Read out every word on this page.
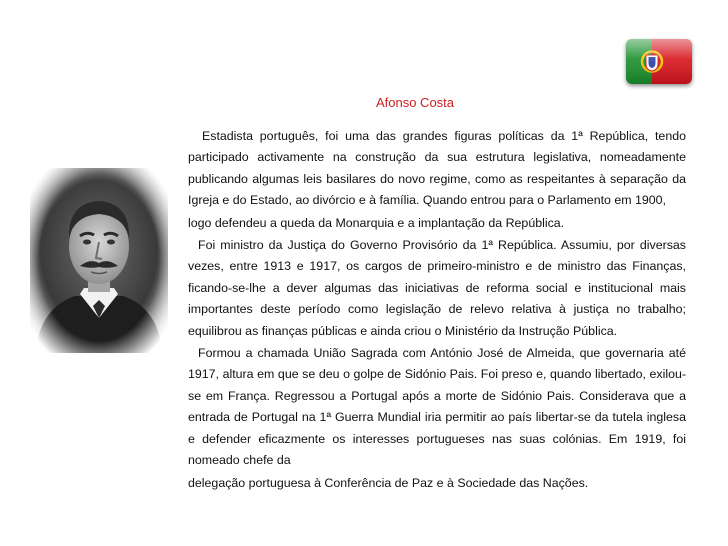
Afonso Costa

Estadista português, foi uma das grandes figuras políticas da 1ª República, tendo participado activamente na construção da sua estrutura legislativa, nomeadamente publicando algumas leis basilares do novo regime, como as respeitantes à separação da Igreja e do Estado, ao divórcio e à família. Quando entrou para o Parlamento em 1900,

logo defendeu a queda da Monarquia e a implantação da República.

Foi ministro da Justiça do Governo Provisório da 1ª República. Assumiu, por diversas vezes, entre 1913 e 1917, os cargos de primeiro-ministro e de ministro das Finanças, ficando-se-lhe a dever algumas das iniciativas de reforma social e institucional mais importantes deste período como legislação de relevo relativa à justiça no trabalho; equilibrou as finanças públicas e ainda criou o Ministério da Instrução Pública.

Formou a chamada União Sagrada com António José de Almeida, que governaria até 1917, altura em que se deu o golpe de Sidónio Pais. Foi preso e, quando libertado, exilou-se em França. Regressou a Portugal após a morte de Sidónio Pais. Considerava que a entrada de Portugal na 1ª Guerra Mundial iria permitir ao país libertar-se da tutela inglesa e defender eficazmente os interesses portugueses nas suas colónias. Em 1919, foi nomeado chefe da

delegação portuguesa à Conferência de Paz e à Sociedade das Nações.
